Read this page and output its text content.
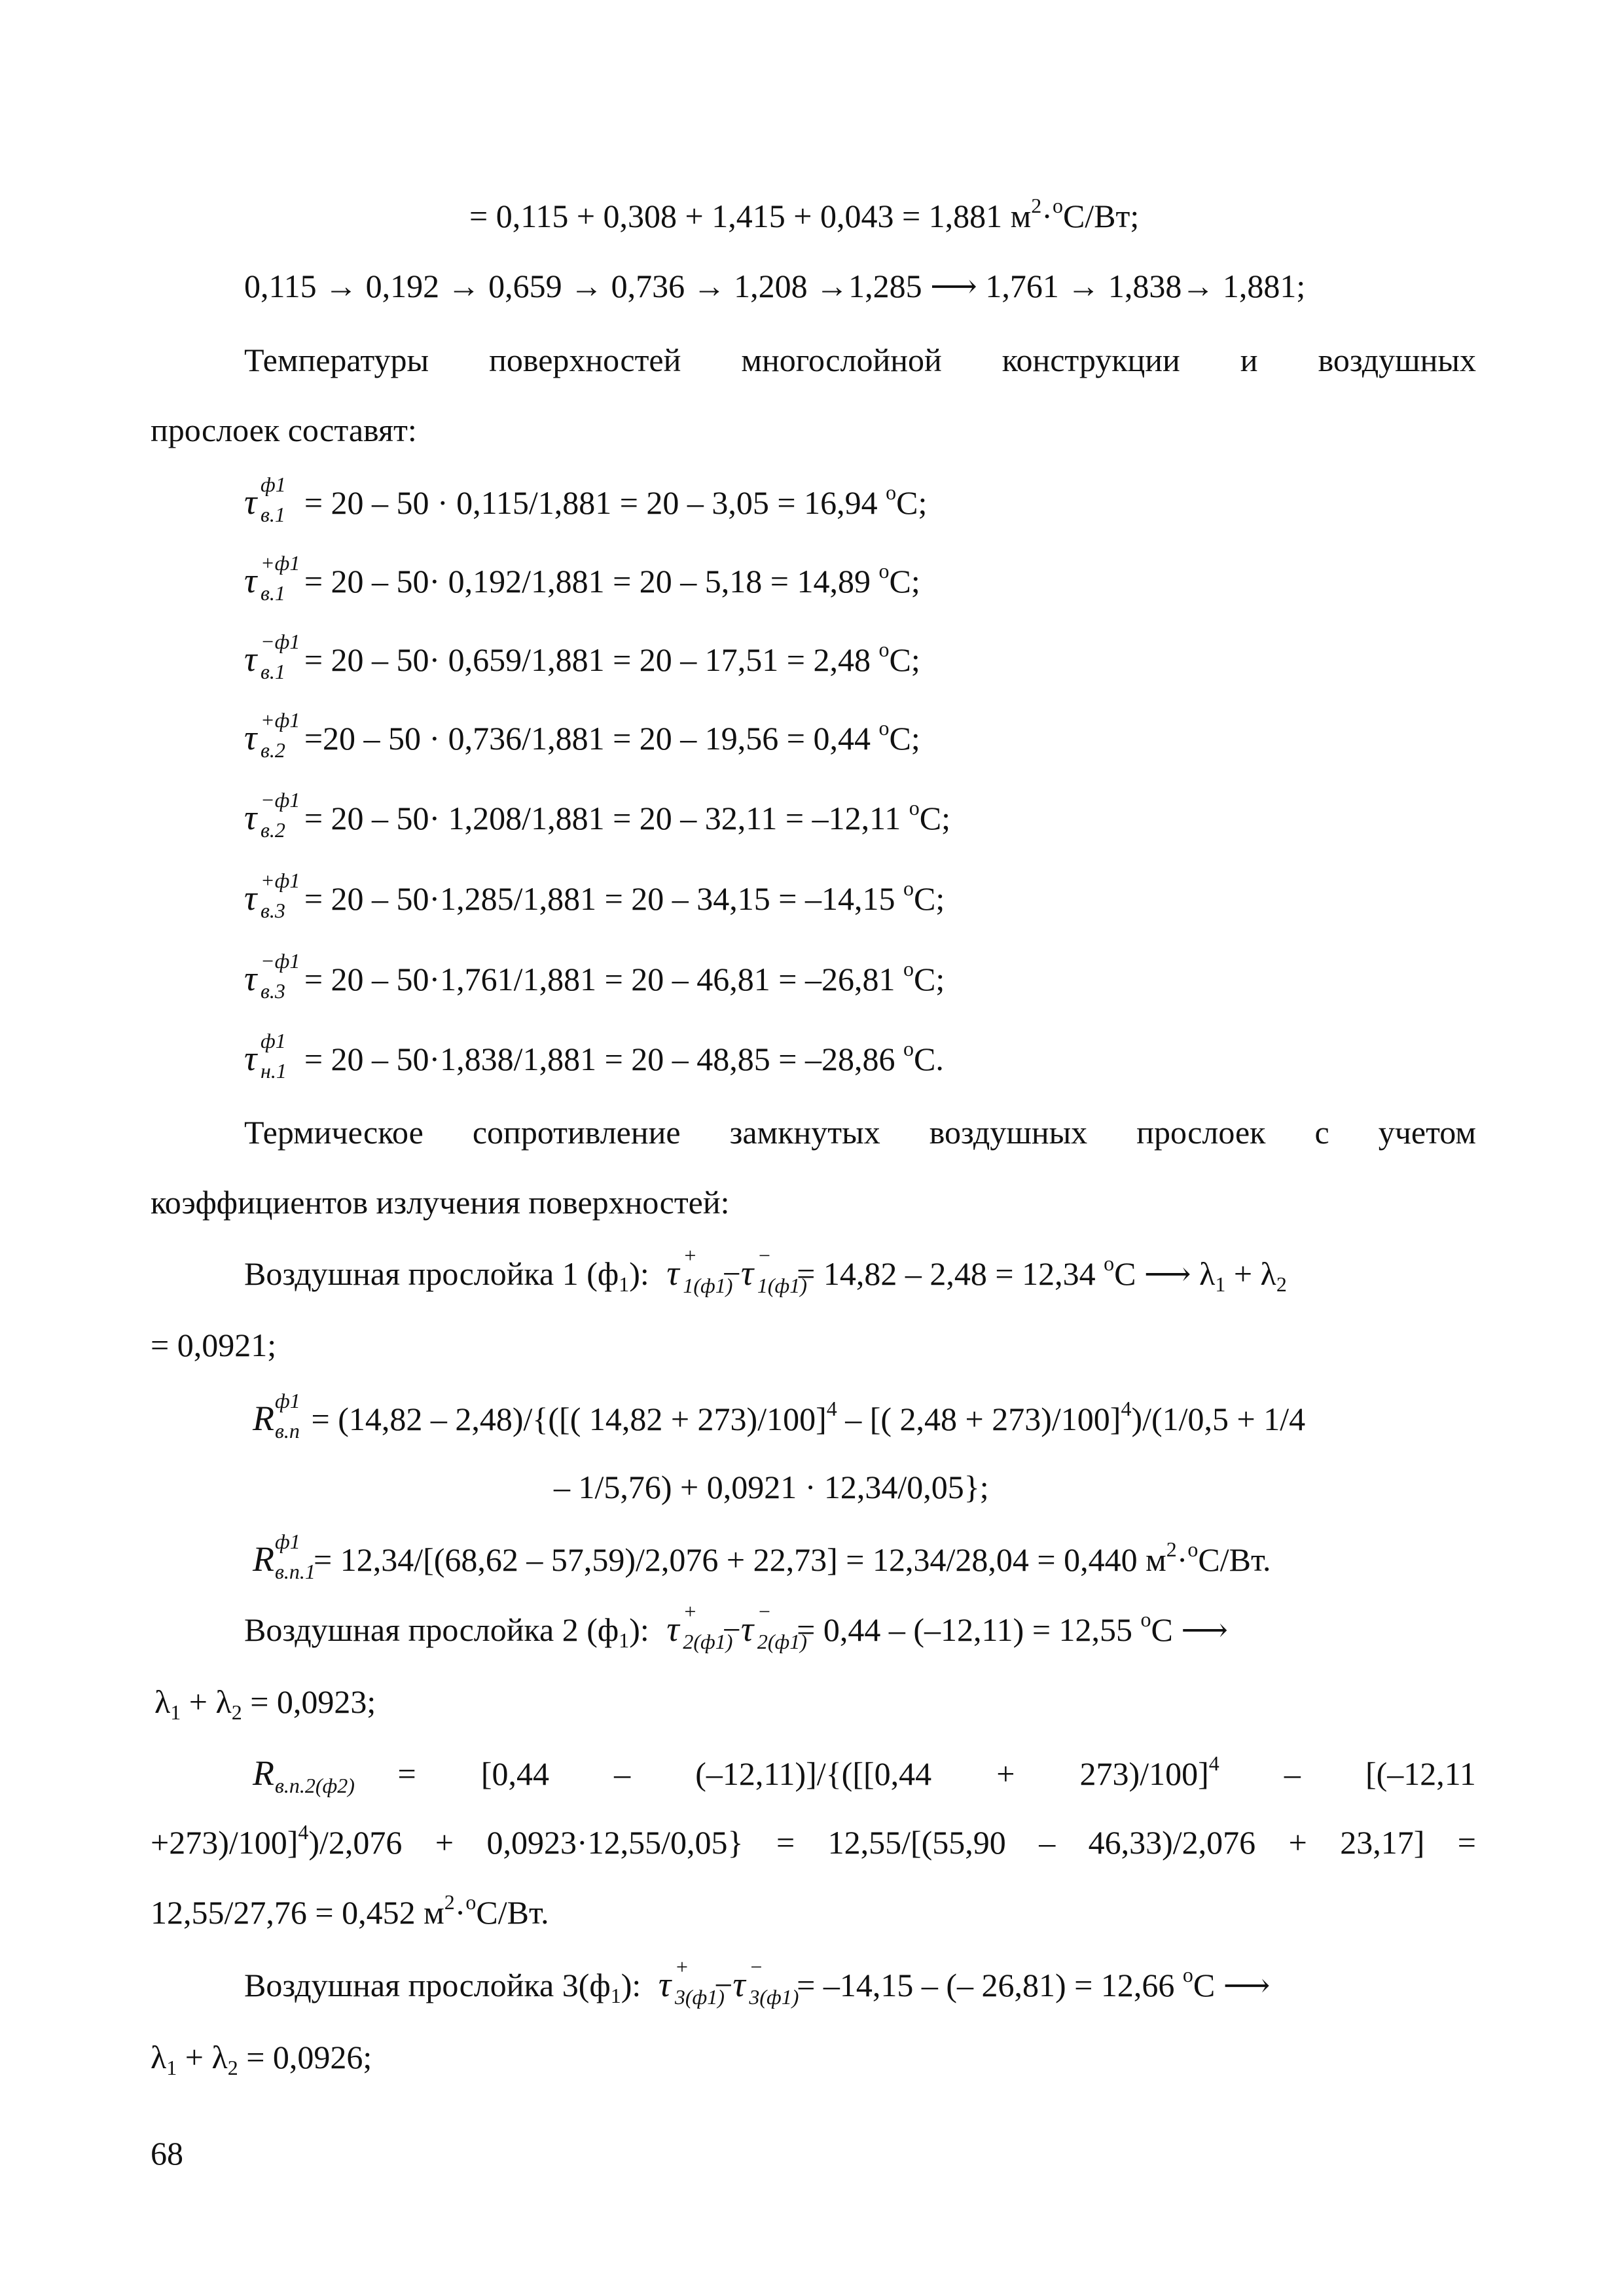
= 0,115 + 0,308 + 1,415 + 0,043 = 1,881 $м^2\cdot^оС/Вт$;
0,115 → 0,192 → 0,659 → 0,736 → 1,208 →1,285 ⟶ 1,761 → 1,838→ 1,881;
Температуры поверхностей многослойной конструкции и воздушных
прослоек составят:
τ ф1
в.1 = 20 – 50 · 0,115/1,881 = 20 – 3,05 = 16,94 $^о$С;
τ +ф1
в.1 = 20 – 50· 0,192/1,881 = 20 – 5,18 = 14,89 $^о$С;
τ −ф1
в.1 = 20 – 50· 0,659/1,881 = 20 – 17,51 = 2,48 $^о$С;
τ +ф1
в.2 =20 – 50 · 0,736/1,881 = 20 – 19,56 = 0,44 $^о$С;
τ −ф1
в.2 = 20 – 50· 1,208/1,881 = 20 – 32,11 = –12,11 $^о$С;
τ +ф1
в.3 = 20 – 50·1,285/1,881 = 20 – 34,15 = –14,15 $^о$С;
τ −ф1
в.3 = 20 – 50·1,761/1,881 = 20 – 46,81 = –26,81 $^о$С;
τ ф1
н.1 = 20 – 50·1,838/1,881 = 20 – 48,85 = –28,86 $^о$С.
Термическое сопротивление замкнутых воздушных прослоек с учетом
коэффициентов излучения поверхностей:
Воздушная прослойка 1 $(ф_1)$: τ +
1(ф1)
−τ −
1(ф1)
= 14,82 – 2,48 = 12,34 $^о$С ⟶ $\lambda_1 + \lambda_2$
= 0,0921;
R ф1
в.п = (14,82 – 2,48)/{([( 14,82 + 273)/100]$^4$ – [( 2,48 + 273)/100]$^4$)/(1/0,5 + 1/4
– 1/5,76) + 0,0921 · 12,34/0,05};
R ф1
в.п.1
= 12,34/[(68,62 – 57,59)/2,076 + 22,73] = 12,34/28,04 = 0,440 $м^2\cdot^оС/Вт$.
Воздушная прослойка 2 $(ф_1)$: τ +
2(ф1)
−τ −
2(ф1)
= 0,44 – (–12,11) = 12,55 $^о$С ⟶
$\lambda_1 + \lambda_2 = 0,0923$;
R $в.п.2(ф2) = [0,44 - (-12,11)]/\{([[0,44 + 273)/100]^4 - [(-12,11$
+273)/100]$^4$)/2,076 + 0,0923·12,55/0,05} = 12,55/[(55,90 – 46,33)/2,076 + 23,17] =
12,55/27,76 = 0,452 $м^2\cdot^оС/Вт$.
Воздушная прослойка $3(ф_1)$: τ +
3(ф1)
−τ −
3(ф1)
= –14,15 – (– 26,81) = 12,66 $^о$С ⟶
$\lambda_1 + \lambda_2 = 0,0926$;
68
